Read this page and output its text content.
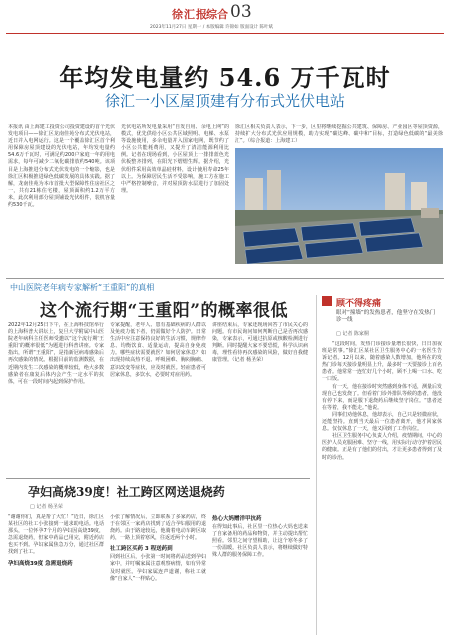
徐汇报
综合 03
2023年11月27日 星期一 / 本版编辑 许锦如 版面设计 陈叶斌
年均发电量约 54.6 万千瓦时
徐汇一小区屋顶建有分布式光伏电站
本报讯 由上海建工投资公司投资建设的首个光伏发电项目——徐汇区龙南佳苑分布式光伏电站，近日并入电网运行。这是一个覆盖徐汇区首个利用保障房屋顶建设的光伏电站，年均发电量约54.6万千瓦时，可满足约200户家庭一年的用电需求，每年可减少二氧化碳排放约540吨。该项目是上海推进分布式光伏发电的一个缩影，也是徐汇区积极推进绿色低碳发展的具体实践。据了解，龙南佳苑为本市首批大型保障性住房社区之一，共有21栋住宅楼，屋顶面积约1.2万平方米，此次利用部分屋顶铺设光伏组件，装机容量约530千瓦。
光伏电站所发电量采用“自发自用、余电上网”的模式，优先供给小区公共区域照明、电梯、水泵等设施使用，多余电量并入国家电网，既节约了小区公共能耗费用，又提升了清洁能源利用比例。记者在现场看到，小区屋顶上一排排蓝色光伏板整齐排列，在阳光下熠熠生辉。据介绍，光伏组件采用高效单晶硅材料，设计使用寿命25年以上。为保障居民生活不受影响，施工方在施工中严格控制噪音，并对屋顶防水层进行了加固处理。
徐汇区相关负责人表示，下一步，区里将继续挖掘公共建筑、保障房、产业园区等屋顶资源，持续扩大分布式光伏应用规模，助力实现“碳达峰、碳中和”目标，打造绿色低碳的“最美徐汇”。（综合报道：上海建工）
中山医院老年病专家解析“王重阳”的真相
这个流行期“王重阳”的概率很低
2022年12月25日下午，在上海科技馆举行的上海科普大讲坛上，复旦大学附属中山医院老年病科主任医师受邀以“这个流行期‘王重阳’的概率很低”为题进行科普讲座。专家指出，所谓“王重阳”，是指新冠病毒感染后再次感染的情况。根据目前的监测数据，在近期内发生二次感染的概率较低，绝大多数感染者在康复后体内会产生一定水平的抗体，可在一段时间内起到保护作用。
专家提醒，老年人、患有基础疾病的人群以及免疫力低下者，仍需做好个人防护。日常生活中应注意保持良好的生活习惯，规律作息、均衡饮食、适量运动，提高自身免疫力。哪些症状需要就医？如何居家休息？如出现持续高热不退、呼吸困难、胸闷胸痛、意识改变等症状，应及时就医。轻症患者可居家休息，多饮水，必要时对症用药。
讲座结束后，专家还现场回答了市民关心的问题。有市民询问如何判断自己是否再次感染，专家表示，可通过抗原或核酸检测进行判断。同时提醒大家不要恐慌，科学认识病毒，理性看待再次感染的风险，做好自我健康管理。（记者 杨圣荣）
孕妇高烧39度！社工跨区网送退烧药
□ 记者 杨圣荣
“谢谢你们，真是帮了大忙！”近日，徐汇区某社区的社工小张接到一通求助电话。电话那头，一位怀孕7个月的孕妇因高烧39度，急需退烧药，但家中药品已用完，附近药店也买不到。孕妇家属焦急万分，通过社区群找到了社工。
孕妇高烧39度 急需退烧药
小张了解情况后，立即联系了多家药店，终于在邻区一家药店找到了适合孕妇服用的退烧药。由于路途较远，他骑着电动车跨区取药，一路上顶着寒风，往返近两个小时。
社工跨区买药 3 程送药到
回到社区后，小张第一时间将药品送到孕妇家中，并叮嘱家属注意观察病情，如有异常及时就医。孕妇家属连声道谢，称社工就像“自家人”一样贴心。
热心大妈赠洋甲抗药
在得知此事后，社区里一位热心大妈也送来了自家备用的药品和物资，并主动提出帮忙照看。邻里之间守望相助，让这个寒冬多了一份温暖。社区负责人表示，将继续做好特殊人群的服务保障工作。
顾不得疼痛
眼对“撞墙”的发热患者，他坚守在发热门诊一线
□ 记者 陈家桐
“这段时间，发热门诊接诊量增长很快，日日加夜班是常事。”徐汇区某社区卫生服务中心的一名医生告诉记者。12月以来，随着感染人数增加，他所在的发热门诊每天接诊量明显上升，最多时一天要接诊上百名患者。他常常一连忙好几个小时，顾不上喝一口水、吃一口饭。
有一天，他在接诊时突然感到身体不适，测量后发现自己也发烧了。但看着门诊外排队等候的患者，他没有停下来，而是服下退烧药后继续坚守岗位。“患者还在等着，我不能走。”他说。
同事们劝他休息，他却表示，自己只是轻微症状，还能坚持。直到当天最后一位患者离开，他才回家休息。仅仅休息了一天，他又回到了工作岗位。
社区卫生服务中心负责人介绍，疫情期间，中心的医护人员克服困难、坚守一线，用实际行动守护着居民的健康。正是有了他们的付出，才让更多患者得到了及时的诊治。
